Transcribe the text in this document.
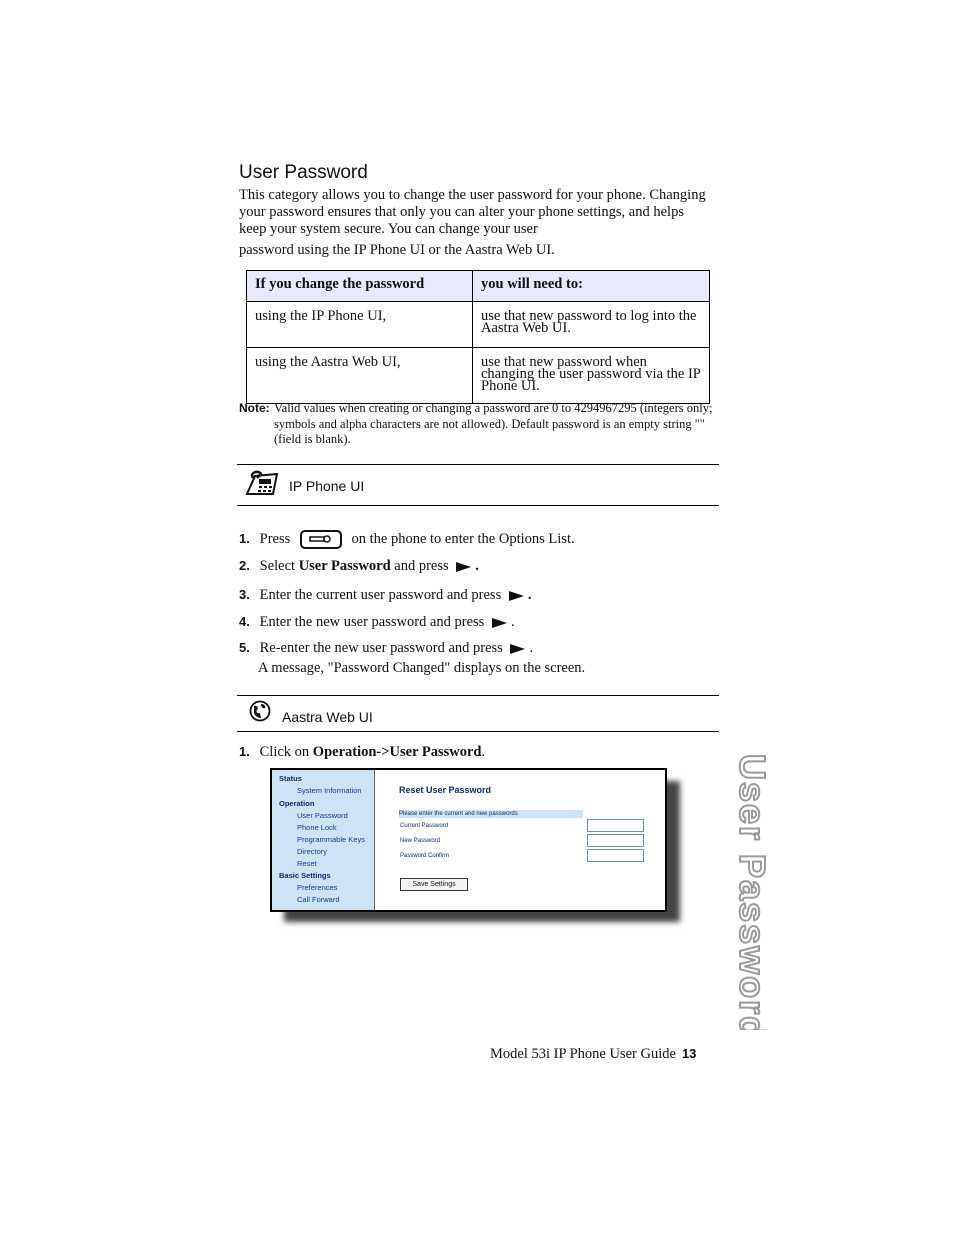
User Password

This category allows you to change the user password for your phone. Changing your password ensures that only you can alter your phone settings, and helps keep your system secure. You can change your user

password using the IP Phone UI or the Aastra Web UI.

If you change the password	you will need to:
using the IP Phone UI,	use that new password to log into the Aastra Web UI.
using the Aastra Web UI,	use that new password when changing the user password via the IP Phone UI.
Note: Valid values when creating or changing a password are 0 to 4294967295 (integers only; symbols and alpha characters are not allowed). Default password is an empty string "" (field is blank).
IP Phone UI
1. Press	on the phone to enter the Options List.
2. Select User Password and press .
3. Enter the current user password and press .
4. Enter the new user password and press .
5. Re-enter the new user password and press .
A message, "Password Changed" displays on the screen.
Aastra Web UI
1. Click on Operation->User Password.
Status
System Information
Operation
User Password
Phone Lock
Programmable Keys
Directory
Reset
Basic Settings
Preferences
Call Forward
Reset User Password
Please enter the current and new passwords
Current Password
New Password
Password Confirm
Save Settings	User Password
Model 53i IP Phone User Guide 13
